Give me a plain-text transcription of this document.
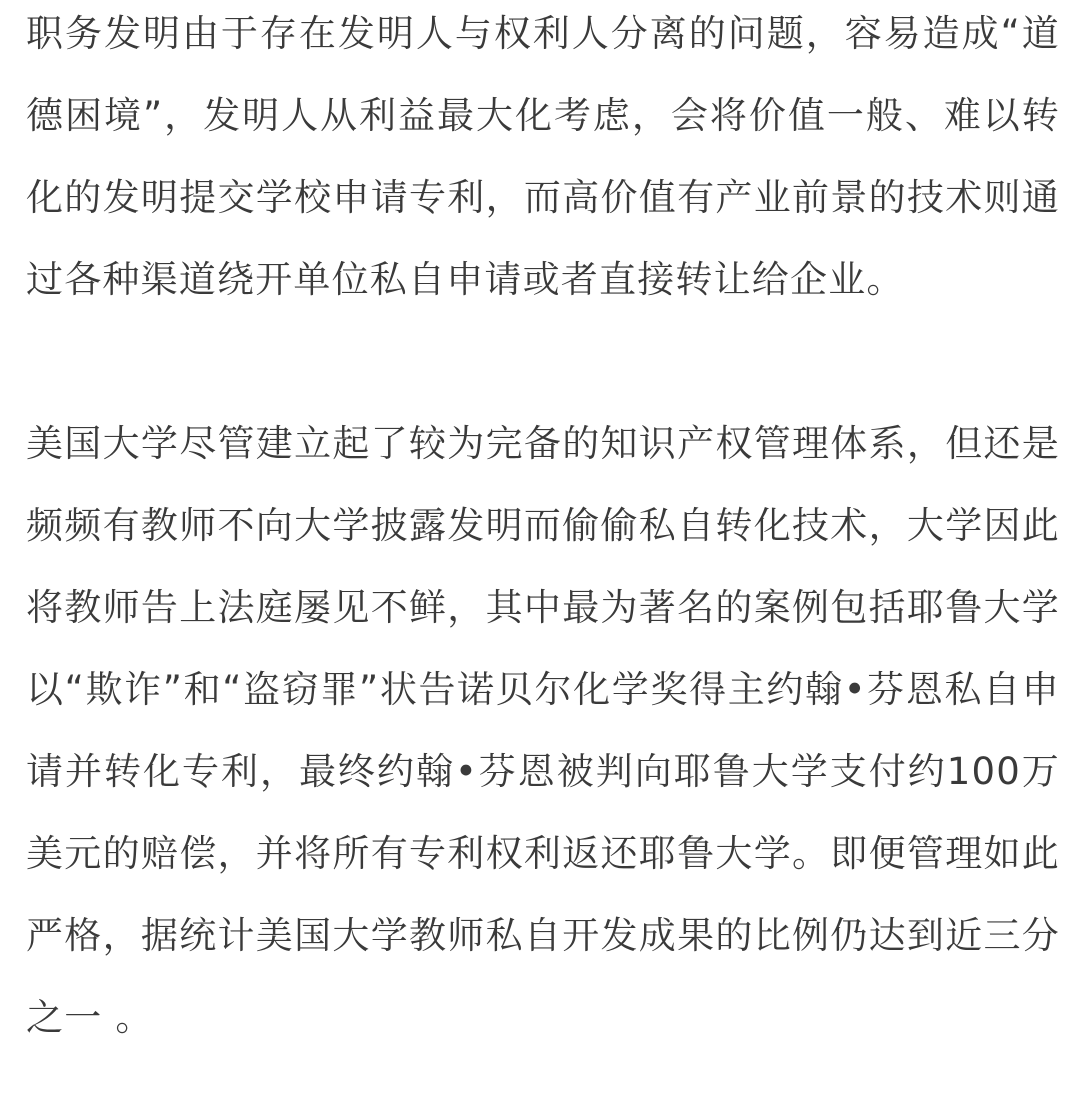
职务发明由于存在发明人与权利人分离的问题，容易造成“道德困境”，发明人从利益最大化考虑，会将价值一般、难以转化的发明提交学校申请专利，而高价值有产业前景的技术则通过各种渠道绕开单位私自申请或者直接转让给企业。

美国大学尽管建立起了较为完备的知识产权管理体系，但还是频频有教师不向大学披露发明而偷偷私自转化技术，大学因此将教师告上法庭屡见不鲜，其中最为著名的案例包括耶鲁大学以“欺诈”和“盗窃罪”状告诺贝尔化学奖得主约翰•芬恩私自申请并转化专利，最终约翰•芬恩被判向耶鲁大学支付约100万美元的赔偿，并将所有专利权利返还耶鲁大学。即便管理如此严格，据统计美国大学教师私自开发成果的比例仍达到近三分之一 。
